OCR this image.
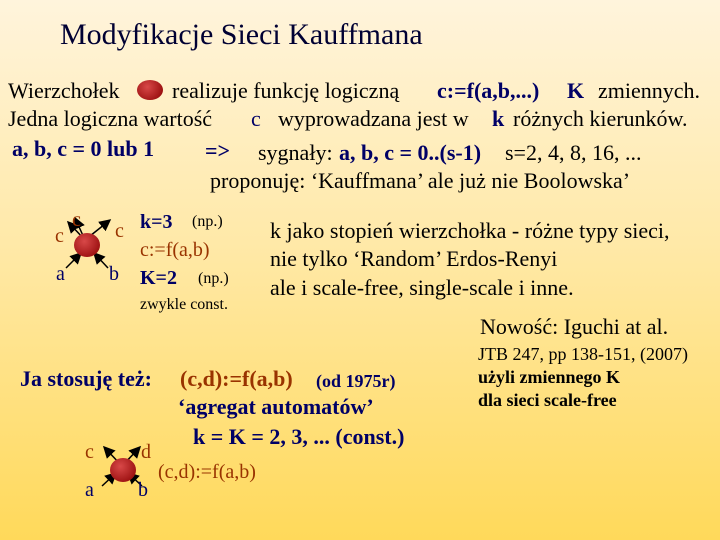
Modyfikacje Sieci Kauffmana
Wierzchołek realizuje funkcję logiczną c:=f(a,b,...) K zmiennych.
Jedna logiczna wartość c wyprowadzana jest w k różnych kierunków.
a, b, c = 0 lub 1 => sygnały: a, b, c = 0..(s-1) s=2, 4, 8, 16, ...
proponuję: ‘Kauffmana’ ale już nie Boolowska’
c
c c
a b
k=3 (np.)
c:=f(a,b)
K=2 (np.)
zwykle const.
k jako stopień wierzchołka - różne typy sieci,
nie tylko ‘Random’ Erdos-Renyi
ale i scale-free, single-scale i inne.
Nowość: Iguchi at al.
JTB 247, pp 138-151, (2007)
użyli zmiennego K
dla sieci scale-free
Ja stosuję też: (c,d):=f(a,b) (od 1975r)
‘agregat automatów’
k = K = 2, 3, ... (const.)
c d
a b
(c,d):=f(a,b)
